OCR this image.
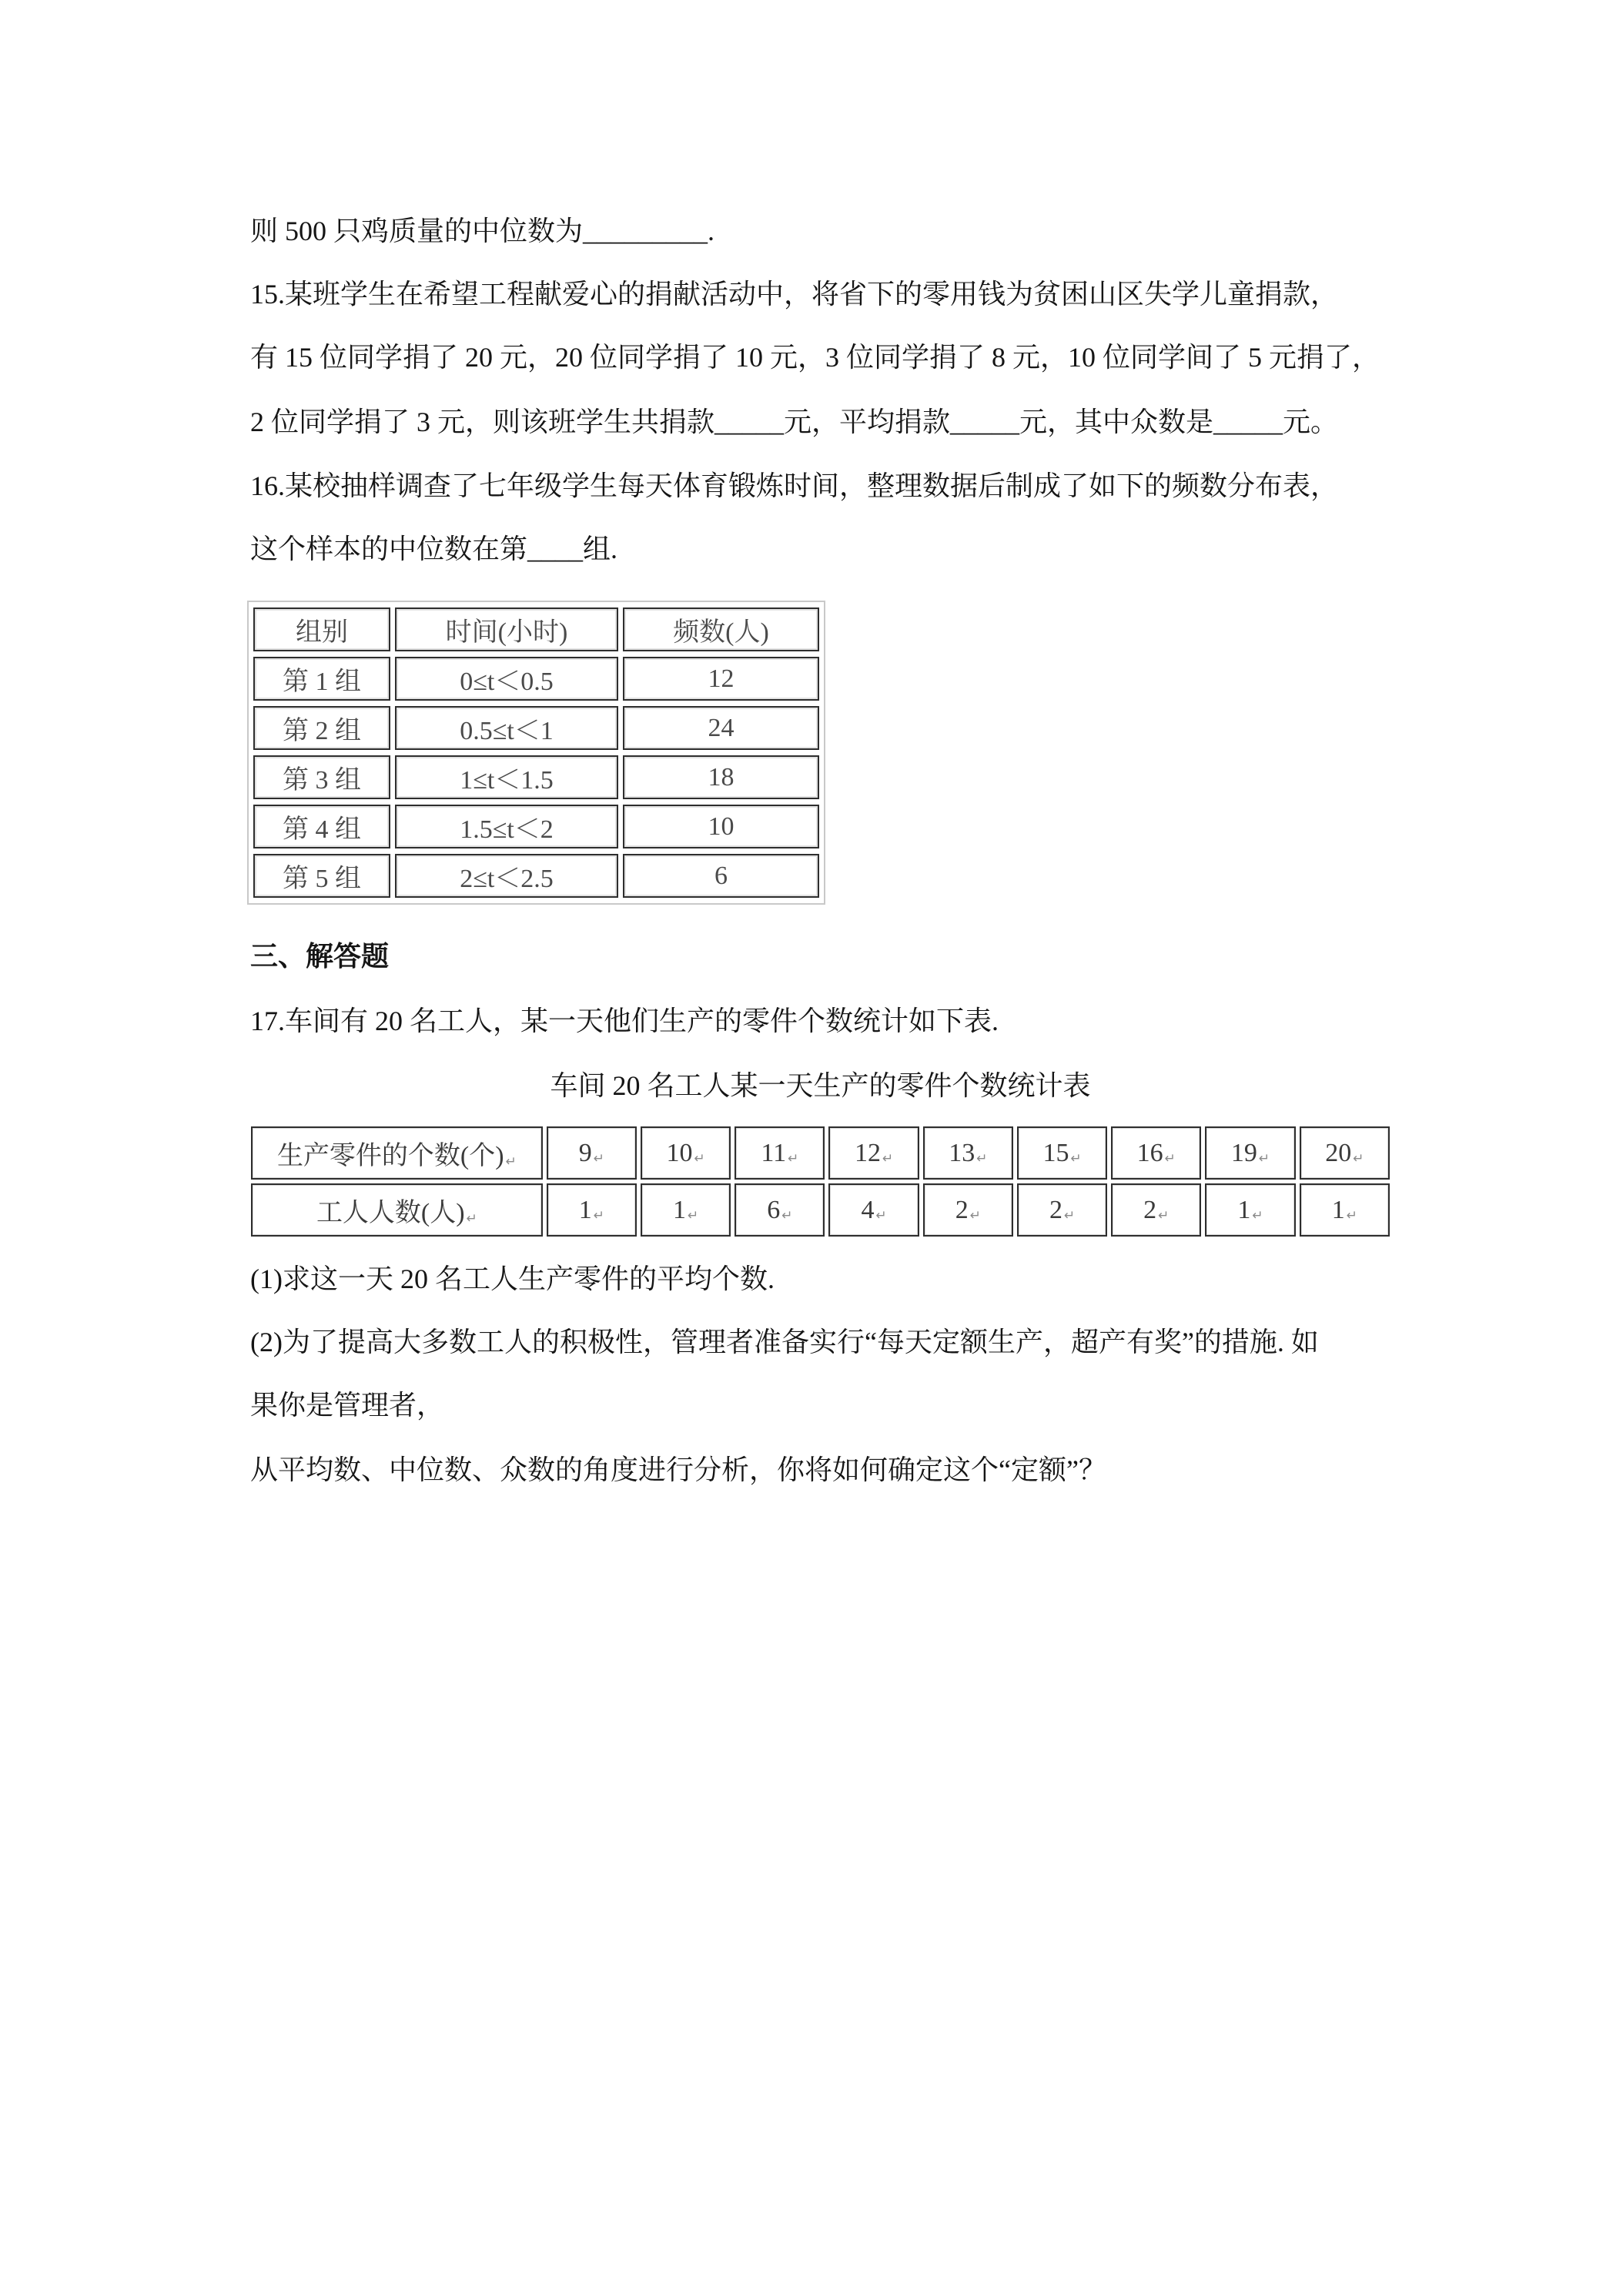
则 500 只鸡质量的中位数为_________.
15.某班学生在希望工程献爱心的捐献活动中，将省下的零用钱为贫困山区失学儿童捐款，
有 15 位同学捐了 20 元，20 位同学捐了 10 元，3 位同学捐了 8 元，10 位同学间了 5 元捐了，
2 位同学捐了 3 元，则该班学生共捐款_____元，平均捐款_____元，其中众数是_____元。
16.某校抽样调查了七年级学生每天体育锻炼时间，整理数据后制成了如下的频数分布表，
这个样本的中位数在第____组.
组别	时间(小时)	频数(人)
第 1 组	0≤t＜0.5	12
第 2 组	0.5≤t＜1	24
第 3 组	1≤t＜1.5	18
第 4 组	1.5≤t＜2	10
第 5 组	2≤t＜2.5	6
三、解答题
17.车间有 20 名工人，某一天他们生产的零件个数统计如下表.
车间 20 名工人某一天生产的零件个数统计表
生产零件的个数(个) ↵	9 ↵	10 ↵	11 ↵	12 ↵	13 ↵	15 ↵	16 ↵	19 ↵	20 ↵
工人人数(人) ↵	1 ↵	1 ↵	6 ↵	4 ↵	2 ↵	2 ↵	2 ↵	1 ↵	1 ↵
(1)求这一天 20 名工人生产零件的平均个数.
(2)为了提高大多数工人的积极性，管理者准备实行“每天定额生产，超产有奖”的措施. 如
果你是管理者，
从平均数、中位数、众数的角度进行分析，你将如何确定这个“定额”？
